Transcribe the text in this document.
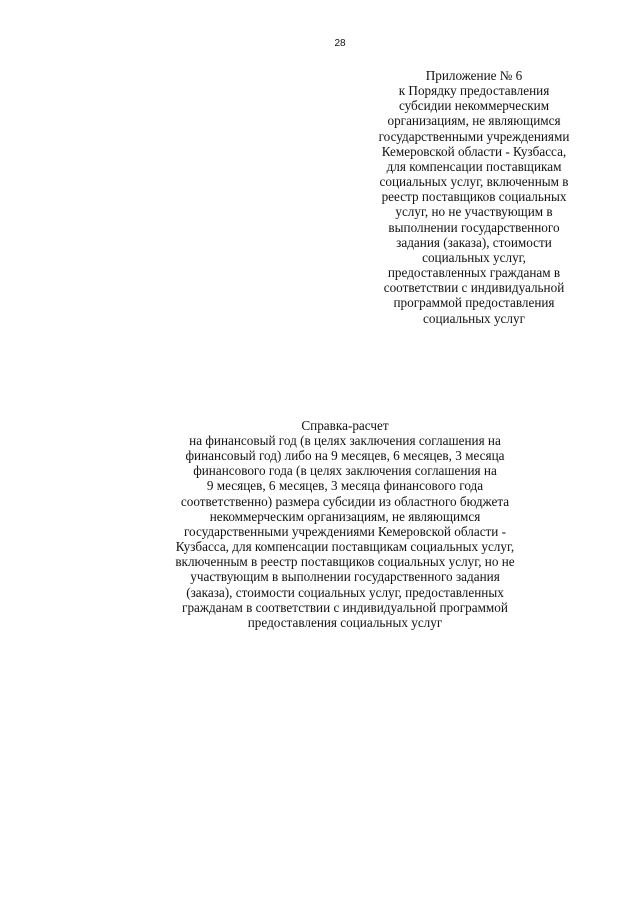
28
Приложение № 6
к Порядку предоставления
субсидии некоммерческим
организациям, не являющимся
государственными учреждениями
Кемеровской области - Кузбасса,
для компенсации поставщикам
социальных услуг, включенным в
реестр поставщиков социальных
услуг, но не участвующим в
выполнении государственного
задания (заказа), стоимости
социальных услуг,
предоставленных гражданам в
соответствии с индивидуальной
программой предоставления
социальных услуг
Справка-расчет
на финансовый год (в целях заключения соглашения на
финансовый год) либо на 9 месяцев, 6 месяцев, 3 месяца
финансового года (в целях заключения соглашения на
9 месяцев, 6 месяцев, 3 месяца финансового года
соответственно) размера субсидии из областного бюджета
некоммерческим организациям, не являющимся
государственными учреждениями Кемеровской области -
Кузбасса, для компенсации поставщикам социальных услуг,
включенным в реестр поставщиков социальных услуг, но не
участвующим в выполнении государственного задания
(заказа), стоимости социальных услуг, предоставленных
гражданам в соответствии с индивидуальной программой
предоставления социальных услуг
